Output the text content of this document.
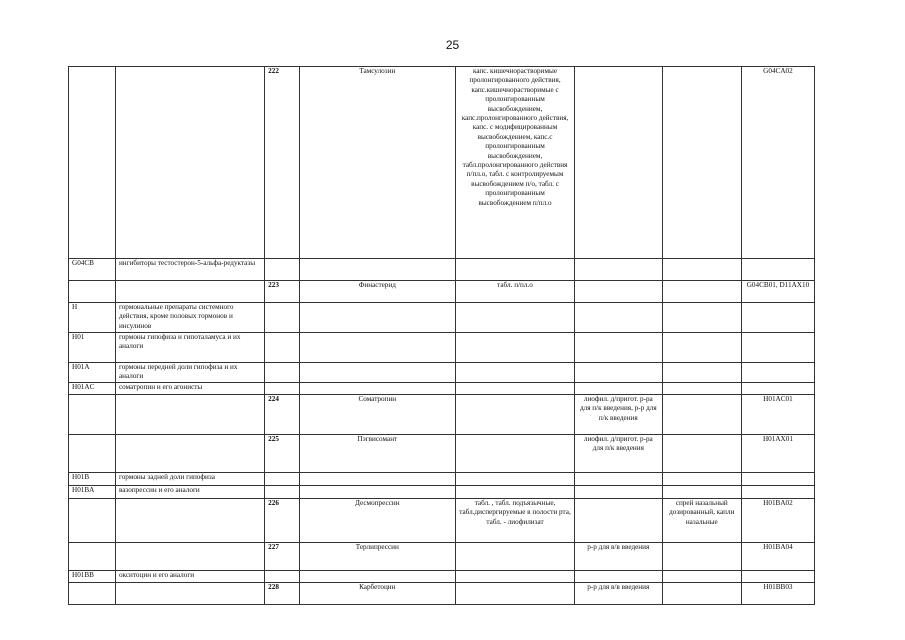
25
		222	Тамсулозин	капс. кишечнорастворимые пролонгированного действия, капс.кишечнорастворимые с пролонгированным высвобождением, капс.пролонгированного действия, капс. с модифицированным высвобождением, капс.с пролонгированным высвобождением, табл.пролонгированного действия п/пл.о, табл. с контролируемым высвобождением п/о, табл. с пролонгированным высвобождением п/пл.о			G04CA02
G04CB	ингибиторы тестостерон-5-альфа-редуктазы						
		223	Финастерид	табл. п/пл.о			G04CB01, D11AX10
H	гормональные препараты системного действия, кроме половых гормонов и инсулинов						
H01	гормоны гипофиза и гипоталамуса и их аналоги						
H01A	гормоны передней доли гипофиза и их аналоги						
H01AC	соматропин и его агонисты						
		224	Соматропин		лиофил. д/пригот. р-ра для п/к введения, р-р для п/к введения		H01AC01
		225	Пэгвисомант		лиофил. д/пригот. р-ра для п/к введения		H01AX01
H01B	гормоны задней доли гипофиза						
H01BA	вазопрессин и его аналоги						
		226	Десмопрессин	табл. , табл. подъязычные, табл.диспергируемые в полости рта, табл. - лиофилизат		спрей назальный дозированный, капли назальные	H01BA02
		227	Терлипрессин		р-р для в/в введения		H01BA04
H01BB	окситоцин и его аналоги						
		228	Карбетоцин		р-р для в/в введения		H01BB03
